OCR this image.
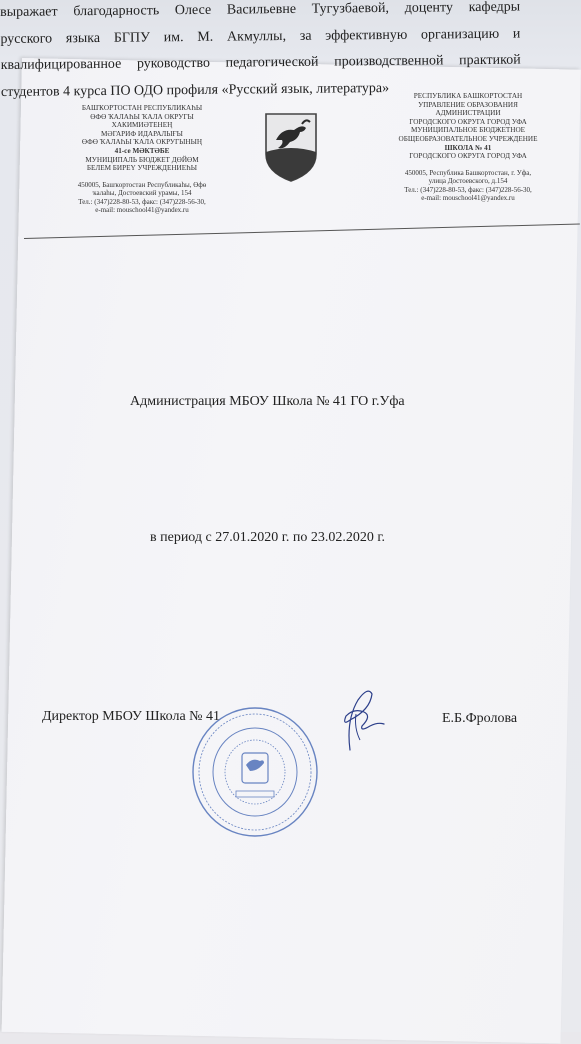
БАШҠОРТОСТАН РЕСПУБЛИКАҺЫ
ӨФӨ ҠАЛАҺЫ ҠАЛА ОКРУГЫ
ХАКИМИӘТЕНЕҢ
МӘГАРИФ ИДАРАЛЫҒЫ
ӨФӨ ҠАЛАҺЫ ҠАЛА ОКРУГЫНЫҢ
41-се МӘКТӘБЕ
МУНИЦИПАЛЬ БЮДЖЕТ ДӨЙӨМ
БЕЛЕМ БИРЕҮ УЧРЕЖДЕНИЕҺЫ
450005, Башҡортостан Республикаһы, Өфө
ҡалаһы, Достоевский урамы, 154
Тел.: (347)228-80-53, факс: (347)228-56-30,
e-mail: mouschool41@yandex.ru
РЕСПУБЛИКА БАШКОРТОСТАН
УПРАВЛЕНИЕ ОБРАЗОВАНИЯ
АДМИНИСТРАЦИИ
ГОРОДСКОГО ОКРУГА ГОРОД УФА
МУНИЦИПАЛЬНОЕ БЮДЖЕТНОЕ
ОБЩЕОБРАЗОВАТЕЛЬНОЕ УЧРЕЖДЕНИЕ
ШКОЛА № 41
ГОРОДСКОГО ОКРУГА ГОРОД УФА
450005, Республика Башкортостан, г. Уфа,
улица Достоевского, д.154
Тел.: (347)228-80-53, факс: (347)228-56-30,
e-mail: mouschool41@yandex.ru
Администрация МБОУ Школа № 41 ГО г.Уфа
выражает благодарность Олесе Васильевне Тугузбаевой, доценту кафедры
русского языка БГПУ им. М. Акмуллы, за эффективную организацию и
квалифицированное руководство педагогической производственной практикой
студентов 4 курса ПО ОДО профиля «Русский язык, литература»
в период с 27.01.2020 г. по 23.02.2020 г.
Директор МБОУ Школа № 41	Е.Б.Фролова
